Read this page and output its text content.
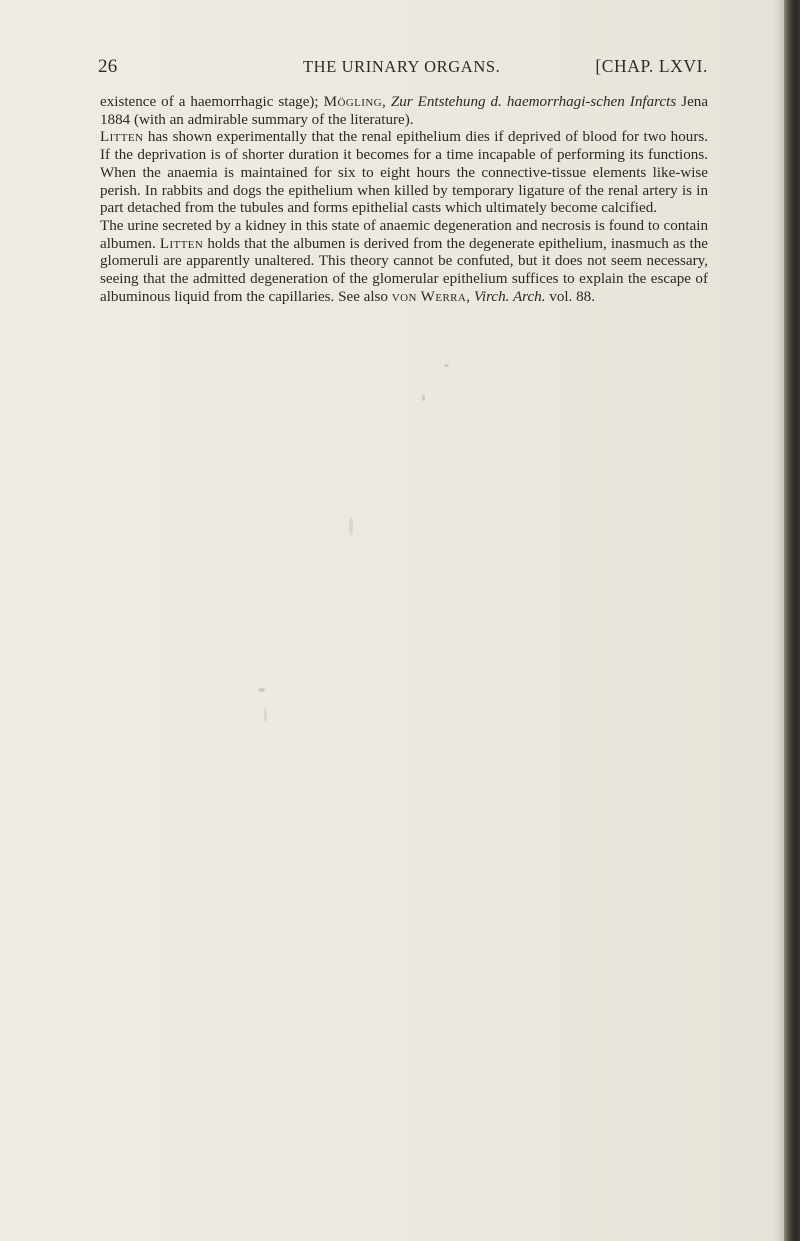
26	THE URINARY ORGANS.	[CHAP. LXVI.

existence of a haemorrhagic stage); Mögling, Zur Entstehung d. haemorrhagi-schen Infarcts Jena 1884 (with an admirable summary of the literature).

Litten has shown experimentally that the renal epithelium dies if deprived of blood for two hours. If the deprivation is of shorter duration it becomes for a time incapable of performing its functions. When the anaemia is maintained for six to eight hours the connective-tissue elements like-wise perish. In rabbits and dogs the epithelium when killed by temporary ligature of the renal artery is in part detached from the tubules and forms epithelial casts which ultimately become calcified.

The urine secreted by a kidney in this state of anaemic degeneration and necrosis is found to contain albumen. Litten holds that the albumen is derived from the degenerate epithelium, inasmuch as the glomeruli are apparently unaltered. This theory cannot be confuted, but it does not seem necessary, seeing that the admitted degeneration of the glomerular epithelium suffices to explain the escape of albuminous liquid from the capillaries. See also von Werra, Virch. Arch. vol. 88.
